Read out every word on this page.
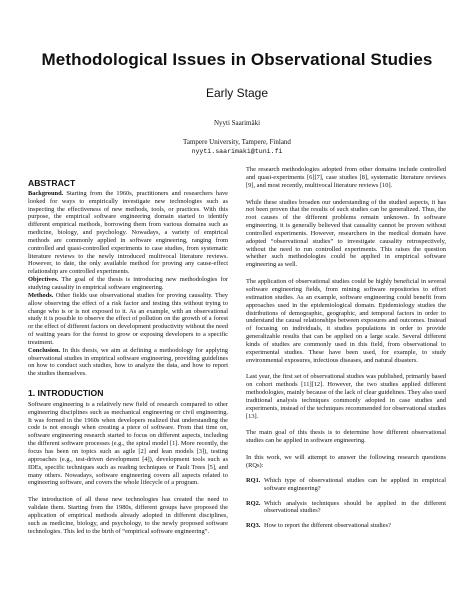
Methodological Issues in Observational Studies
Early Stage
Nyyti Saarimäki
Tampere University, Tampere, Finland
nyyti.saarimaki@tuni.fi
ABSTRACT

Background. Starting from the 1960s, practitioners and researchers have looked for ways to empirically investigate new technologies such as inspecting the effectiveness of new methods, tools, or practices. With this purpose, the empirical software engineering domain started to identify different empirical methods, borrowing them from various domains such as medicine, biology, and psychology. Nowadays, a variety of empirical methods are commonly applied in software engineering, ranging from controlled and quasi-controlled experiments to case studies, from systematic literature reviews to the newly introduced multivocal literature reviews. However, to date, the only available method for proving any cause-effect relationship are controlled experiments.

Objectives. The goal of the thesis is introducing new methodologies for studying causality in empirical software engineering.

Methods. Other fields use observational studies for proving causality. They allow observing the effect of a risk factor and testing this without trying to change who is or is not exposed to it. As an example, with an observational study it is possible to observe the effect of pollution on the growth of a forest or the effect of different factors on development productivity without the need of waiting years for the forest to grow or exposing developers to a specific treatment.

Conclusion. In this thesis, we aim at defining a methodology for applying observational studies in empirical software engineering, providing guidelines on how to conduct such studies, how to analyze the data, and how to report the studies themselves.

1. INTRODUCTION

Software engineering is a relatively new field of research compared to other engineering disciplines such as mechanical engineering or civil engineering. It was formed in the 1960s when developers realized that understanding the code is not enough when creating a piece of software. From that time on, software engineering research started to focus on different aspects, including the different software processes (e.g., the spiral model [1]. More recently, the focus has been on topics such as agile [2] and lean models [3]), testing approaches (e.g., test-driven development [4]), development tools such as IDEs, specific techniques such as reading techniques or Fault Trees [5], and many others. Nowadays, software engineering covers all aspects related to engineering software, and covers the whole lifecycle of a program.

The introduction of all these new technologies has created the need to validate them. Starting from the 1980s, different groups have proposed the application of empirical methods already adopted in different disciplines, such as medicine, biology, and psychology, to the newly proposed software technologies. This led to the birth of “empirical software engineering”.

The research methodologies adopted from other domains include controlled and quasi-experiments [6][7], case studies [8], systematic literature reviews [9], and most recently, multivocal literature reviews [10].

While these studies broaden our understanding of the studied aspects, it has not been proven that the results of such studies can be generalized. Thus, the root causes of the different problems remain unknown. In software engineering, it is generally believed that causality cannot be proven without controlled experiments. However, researchers in the medical domain have adopted “observational studies” to investigate causality retrospectively, without the need to run controlled experiments. This raises the question whether such methodologies could be applied in empirical software engineering as well.

The application of observational studies could be highly beneficial in several software engineering fields, from mining software repositories to effort estimation studies. As an example, software engineering could benefit from approaches used in the epidemiological domain. Epidemiology studies the distributions of demographic, geographic, and temporal factors in order to understand the causal relationships between exposures and outcomes. Instead of focusing on individuals, it studies populations in order to provide generalizable results that can be applied on a large scale. Several different kinds of studies are commonly used in this field, from observational to experimental studies. These have been used, for example, to study environmental exposures, infectious diseases, and natural disasters.

Last year, the first set of observational studies was published, primarily based on cohort methods [11][12]. However, the two studies applied different methodologies, mainly because of the lack of clear guidelines. They also used traditional analysis techniques commonly adopted in case studies and experiments, instead of the techniques recommended for observational studies [13].

The main goal of this thesis is to determine how different observational studies can be applied in software engineering.

In this work, we will attempt to answer the following research questions (RQs):

RQ1. Which type of observational studies can be applied in empirical software engineering?
RQ2. Which analysis techniques should be applied in the different observational studies?
RQ3. How to report the different observational studies?
